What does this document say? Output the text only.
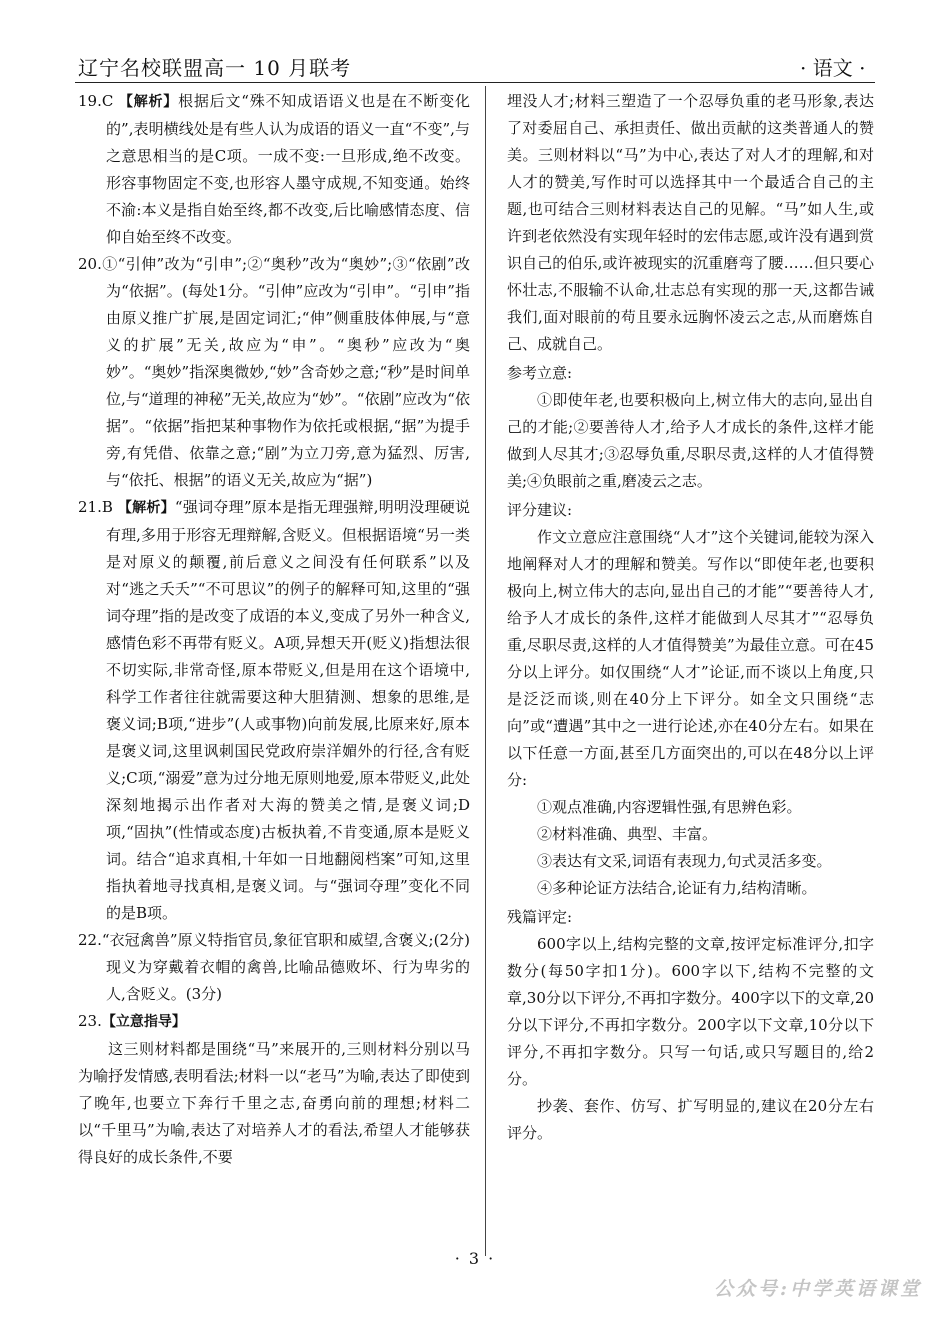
辽宁名校联盟高一 10 月联考	· 语文 ·
19.C 【解析】根据后文“殊不知成语语义也是在不断变化的”,表明横线处是有些人认为成语的语义一直“不变”,与之意思相当的是C项。一成不变:一旦形成,绝不改变。形容事物固定不变,也形容人墨守成规,不知变通。始终不渝:本义是指自始至终,都不改变,后比喻感情态度、信仰自始至终不改变。
20.①“引伸”改为“引申”;②“奥秒”改为“奥妙”;③“依剧”改为“依据”。(每处1分。“引伸”应改为“引申”。“引申”指由原义推广扩展,是固定词汇;“伸”侧重肢体伸展,与“意义的扩展”无关,故应为“申”。“奥秒”应改为“奥妙”。“奥妙”指深奥微妙,“妙”含奇妙之意;“秒”是时间单位,与“道理的神秘”无关,故应为“妙”。“依剧”应改为“依据”。“依据”指把某种事物作为依托或根据,“据”为提手旁,有凭借、依靠之意;“剧”为立刀旁,意为猛烈、厉害,与“依托、根据”的语义无关,故应为“据”)
21.B 【解析】“强词夺理”原本是指无理强辩,明明没理硬说有理,多用于形容无理辩解,含贬义。但根据语境“另一类是对原义的颠覆,前后意义之间没有任何联系”以及对“逃之夭夭”“不可思议”的例子的解释可知,这里的“强词夺理”指的是改变了成语的本义,变成了另外一种含义,感情色彩不再带有贬义。A项,异想天开(贬义)指想法很不切实际,非常奇怪,原本带贬义,但是用在这个语境中,科学工作者往往就需要这种大胆猜测、想象的思维,是褒义词;B项,“进步”(人或事物)向前发展,比原来好,原本是褒义词,这里讽刺国民党政府崇洋媚外的行径,含有贬义;C项,“溺爱”意为过分地无原则地爱,原本带贬义,此处深刻地揭示出作者对大海的赞美之情,是褒义词;D项,“固执”(性情或态度)古板执着,不肯变通,原本是贬义词。结合“追求真相,十年如一日地翻阅档案”可知,这里指执着地寻找真相,是褒义词。与“强词夺理”变化不同的是B项。
22.“衣冠禽兽”原义特指官员,象征官职和威望,含褒义;(2分)现义为穿戴着衣帽的禽兽,比喻品德败坏、行为卑劣的人,含贬义。(3分)
23.【立意指导】
这三则材料都是围绕“马”来展开的,三则材料分别以马为喻抒发情感,表明看法;材料一以“老马”为喻,表达了即使到了晚年,也要立下奔行千里之志,奋勇向前的理想;材料二以“千里马”为喻,表达了对培养人才的看法,希望人才能够获得良好的成长条件,不要
埋没人才;材料三塑造了一个忍辱负重的老马形象,表达了对委屈自己、承担责任、做出贡献的这类普通人的赞美。三则材料以“马”为中心,表达了对人才的理解,和对人才的赞美,写作时可以选择其中一个最适合自己的主题,也可结合三则材料表达自己的见解。“马”如人生,或许到老依然没有实现年轻时的宏伟志愿,或许没有遇到赏识自己的伯乐,或许被现实的沉重磨弯了腰……但只要心怀壮志,不服输不认命,壮志总有实现的那一天,这都告诫我们,面对眼前的苟且要永远胸怀凌云之志,从而磨炼自己、成就自己。
参考立意:
①即使年老,也要积极向上,树立伟大的志向,显出自己的才能;②要善待人才,给予人才成长的条件,这样才能做到人尽其才;③忍辱负重,尽职尽责,这样的人才值得赞美;④负眼前之重,磨凌云之志。
评分建议:
作文立意应注意围绕“人才”这个关键词,能较为深入地阐释对人才的理解和赞美。写作以“即使年老,也要积极向上,树立伟大的志向,显出自己的才能”“要善待人才,给予人才成长的条件,这样才能做到人尽其才”“忍辱负重,尽职尽责,这样的人才值得赞美”为最佳立意。可在45分以上评分。如仅围绕“人才”论证,而不谈以上角度,只是泛泛而谈,则在40分上下评分。如全文只围绕“志向”或“遭遇”其中之一进行论述,亦在40分左右。如果在以下任意一方面,甚至几方面突出的,可以在48分以上评分:
①观点准确,内容逻辑性强,有思辨色彩。
②材料准确、典型、丰富。
③表达有文采,词语有表现力,句式灵活多变。
④多种论证方法结合,论证有力,结构清晰。
残篇评定:
600字以上,结构完整的文章,按评定标准评分,扣字数分(每50字扣1分)。600字以下,结构不完整的文章,30分以下评分,不再扣字数分。400字以下的文章,20分以下评分,不再扣字数分。200字以下文章,10分以下评分,不再扣字数分。只写一句话,或只写题目的,给2分。
抄袭、套作、仿写、扩写明显的,建议在20分左右评分。
· 3 ·
公众号:中学英语课堂
